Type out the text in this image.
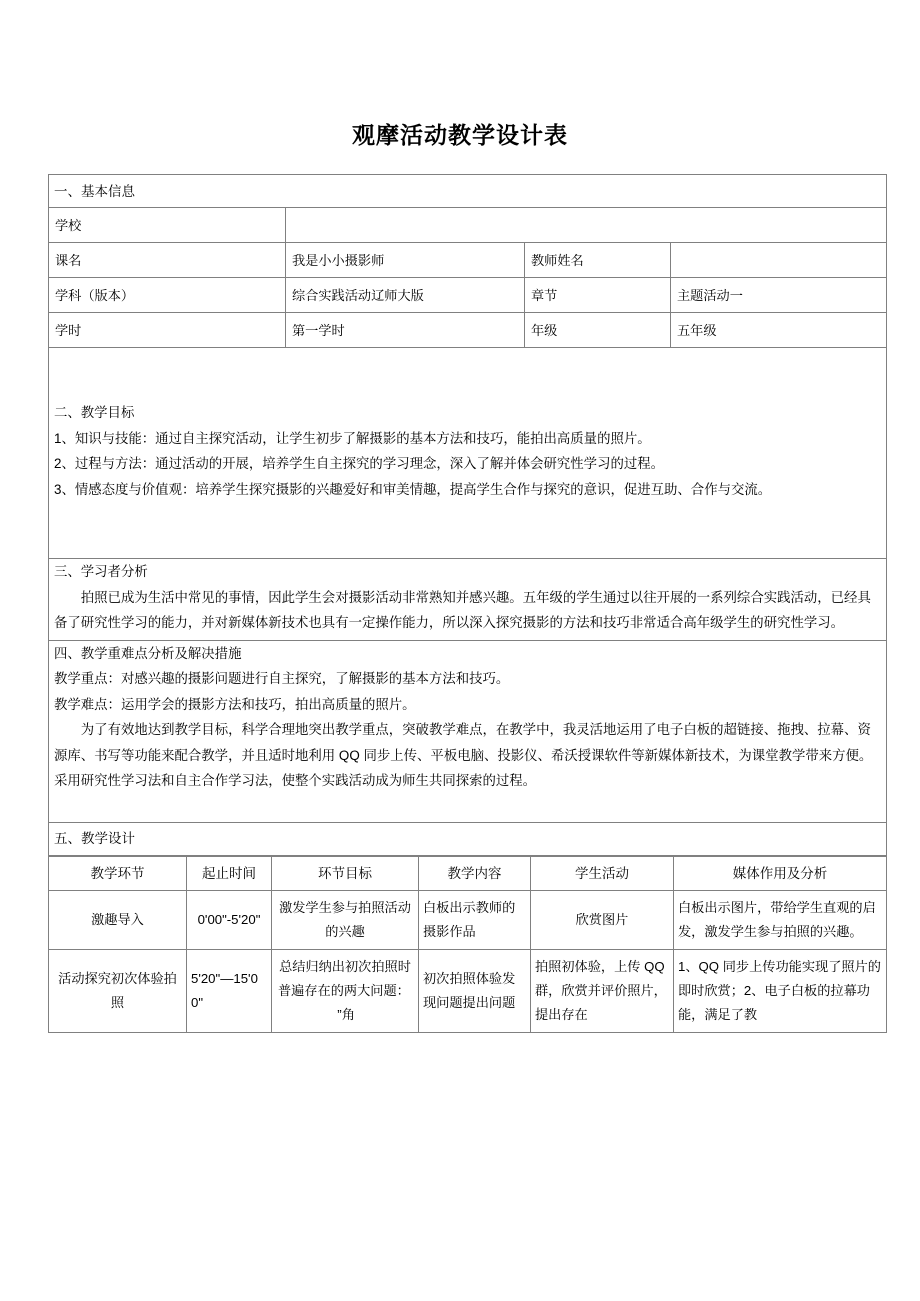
观摩活动教学设计表
一、基本信息			
学校			
课名	我是小小摄影师	教师姓名	
学科（版本）	综合实践活动辽师大版	章节	主题活动一
学时	第一学时	年级	五年级

二、教学目标

1、知识与技能：通过自主探究活动，让学生初步了解摄影的基本方法和技巧，能拍出高质量的照片。

2、过程与方法：通过活动的开展，培养学生自主探究的学习理念，深入了解并体会研究性学习的过程。

3、情感态度与价值观：培养学生探究摄影的兴趣爱好和审美情趣，提高学生合作与探究的意识，促进互助、合作与交流。			

三、学习者分析

拍照已成为生活中常见的事情，因此学生会对摄影活动非常熟知并感兴趣。五年级的学生通过以往开展的一系列综合实践活动，已经具备了研究性学习的能力，并对新媒体新技术也具有一定操作能力，所以深入探究摄影的方法和技巧非常适合高年级学生的研究性学习。			

四、教学重难点分析及解决措施

教学重点：对感兴趣的摄影问题进行自主探究，了解摄影的基本方法和技巧。

教学难点：运用学会的摄影方法和技巧，拍出高质量的照片。

为了有效地达到教学目标，科学合理地突出教学重点，突破教学难点，在教学中，我灵活地运用了电子白板的超链接、拖拽、拉幕、资源库、书写等功能来配合教学，并且适时地利用 QQ 同步上传、平板电脑、投影仪、希沃授课软件等新媒体新技术，为课堂教学带来方便。采用研究性学习法和自主合作学习法，使整个实践活动成为师生共同探索的过程。			

五、教学设计			
教学环节	起止时间	环节目标	教学内容	学生活动	媒体作用及分析
激趣导入	0'00"-5'20"	激发学生参与拍照活动的兴趣	白板出示教师的摄影作品	欣赏图片	白板出示图片，带给学生直观的启发，激发学生参与拍照的兴趣。
活动探究初次体验拍照	5'20"—15'00"	总结归纳出初次拍照时普遍存在的两大问题：  ”角	初次拍照体验发现问题提出问题	拍照初体验，上传 QQ 群，欣赏并评价照片，提出存在	1、QQ 同步上传功能实现了照片的即时欣赏；2、电子白板的拉幕功能，满足了教
